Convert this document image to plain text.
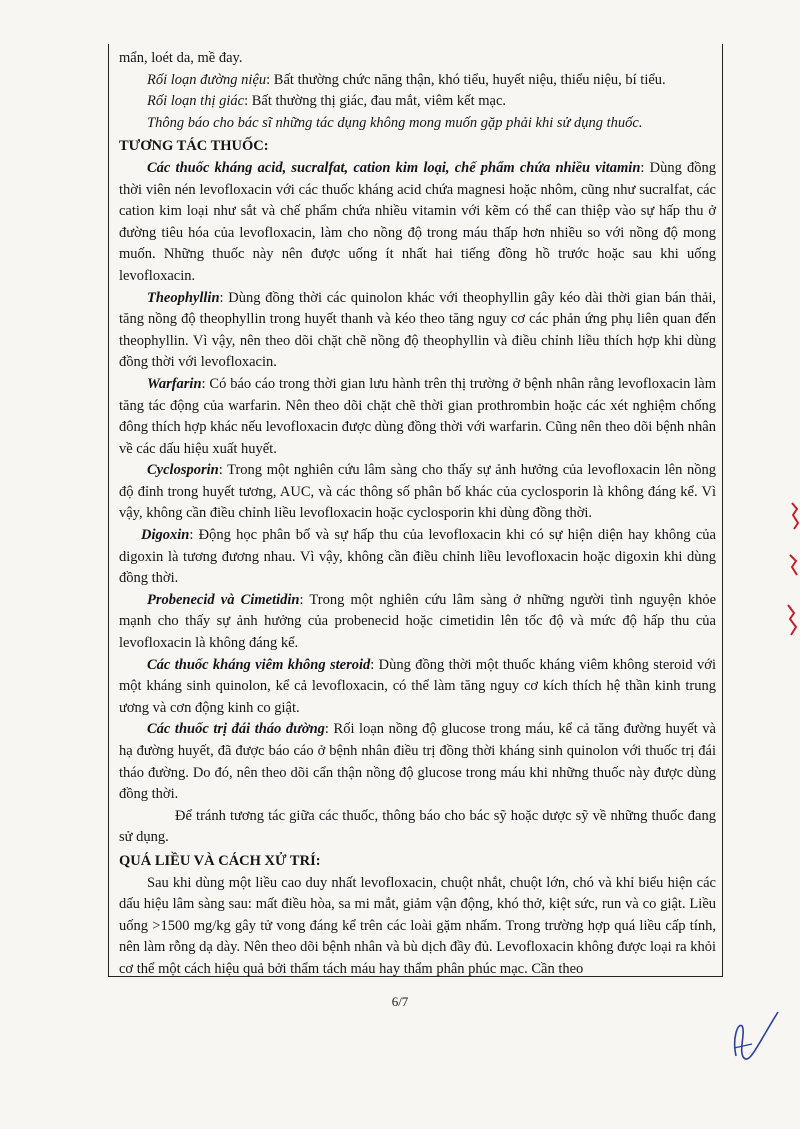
mẩn, loét da, mề đay.

Rối loạn đường niệu: Bất thường chức năng thận, khó tiểu, huyết niệu, thiểu niệu, bí tiểu.

Rối loạn thị giác: Bất thường thị giác, đau mắt, viêm kết mạc.

Thông báo cho bác sĩ những tác dụng không mong muốn gặp phải khi sử dụng thuốc.

TƯƠNG TÁC THUỐC:

Các thuốc kháng acid, sucralfat, cation kim loại, chế phẩm chứa nhiều vitamin: Dùng đồng thời viên nén levofloxacin với các thuốc kháng acid chứa magnesi hoặc nhôm, cũng như sucralfat, các cation kim loại như sắt và chế phẩm chứa nhiều vitamin với kẽm có thể can thiệp vào sự hấp thu ở đường tiêu hóa của levofloxacin, làm cho nồng độ trong máu thấp hơn nhiều so với nồng độ mong muốn. Những thuốc này nên được uống ít nhất hai tiếng đồng hồ trước hoặc sau khi uống levofloxacin.

Theophyllin: Dùng đồng thời các quinolon khác với theophyllin gây kéo dài thời gian bán thải, tăng nồng độ theophyllin trong huyết thanh và kéo theo tăng nguy cơ các phản ứng phụ liên quan đến theophyllin. Vì vậy, nên theo dõi chặt chẽ nồng độ theophyllin và điều chỉnh liều thích hợp khi dùng đồng thời với levofloxacin.

Warfarin: Có báo cáo trong thời gian lưu hành trên thị trường ở bệnh nhân rằng levofloxacin làm tăng tác động của warfarin. Nên theo dõi chặt chẽ thời gian prothrombin hoặc các xét nghiệm chống đông thích hợp khác nếu levofloxacin được dùng đồng thời với warfarin. Cũng nên theo dõi bệnh nhân về các dấu hiệu xuất huyết.

Cyclosporin: Trong một nghiên cứu lâm sàng cho thấy sự ảnh hưởng của levofloxacin lên nồng độ đỉnh trong huyết tương, AUC, và các thông số phân bố khác của cyclosporin là không đáng kể. Vì vậy, không cần điều chỉnh liều levofloxacin hoặc cyclosporin khi dùng đồng thời.

Digoxin: Động học phân bố và sự hấp thu của levofloxacin khi có sự hiện diện hay không của digoxin là tương đương nhau. Vì vậy, không cần điều chỉnh liều levofloxacin hoặc digoxin khi dùng đồng thời.

Probenecid và Cimetidin: Trong một nghiên cứu lâm sàng ở những người tình nguyện khỏe mạnh cho thấy sự ảnh hưởng của probenecid hoặc cimetidin lên tốc độ và mức độ hấp thu của levofloxacin là không đáng kể.

Các thuốc kháng viêm không steroid: Dùng đồng thời một thuốc kháng viêm không steroid với một kháng sinh quinolon, kể cả levofloxacin, có thể làm tăng nguy cơ kích thích hệ thần kinh trung ương và cơn động kinh co giật.

Các thuốc trị đái tháo đường: Rối loạn nồng độ glucose trong máu, kể cả tăng đường huyết và hạ đường huyết, đã được báo cáo ở bệnh nhân điều trị đồng thời kháng sinh quinolon với thuốc trị đái tháo đường. Do đó, nên theo dõi cẩn thận nồng độ glucose trong máu khi những thuốc này được dùng đồng thời.

Để tránh tương tác giữa các thuốc, thông báo cho bác sỹ hoặc dược sỹ về những thuốc đang sử dụng.

QUÁ LIỀU VÀ CÁCH XỬ TRÍ:

Sau khi dùng một liều cao duy nhất levofloxacin, chuột nhắt, chuột lớn, chó và khỉ biểu hiện các dấu hiệu lâm sàng sau: mất điều hòa, sa mi mắt, giảm vận động, khó thở, kiệt sức, run và co giật. Liều uống >1500 mg/kg gây tử vong đáng kể trên các loài gặm nhấm. Trong trường hợp quá liều cấp tính, nên làm rỗng dạ dày. Nên theo dõi bệnh nhân và bù dịch đầy đủ. Levofloxacin không được loại ra khỏi cơ thể một cách hiệu quả bởi thẩm tách máu hay thẩm phân phúc mạc. Cần theo

6/7
